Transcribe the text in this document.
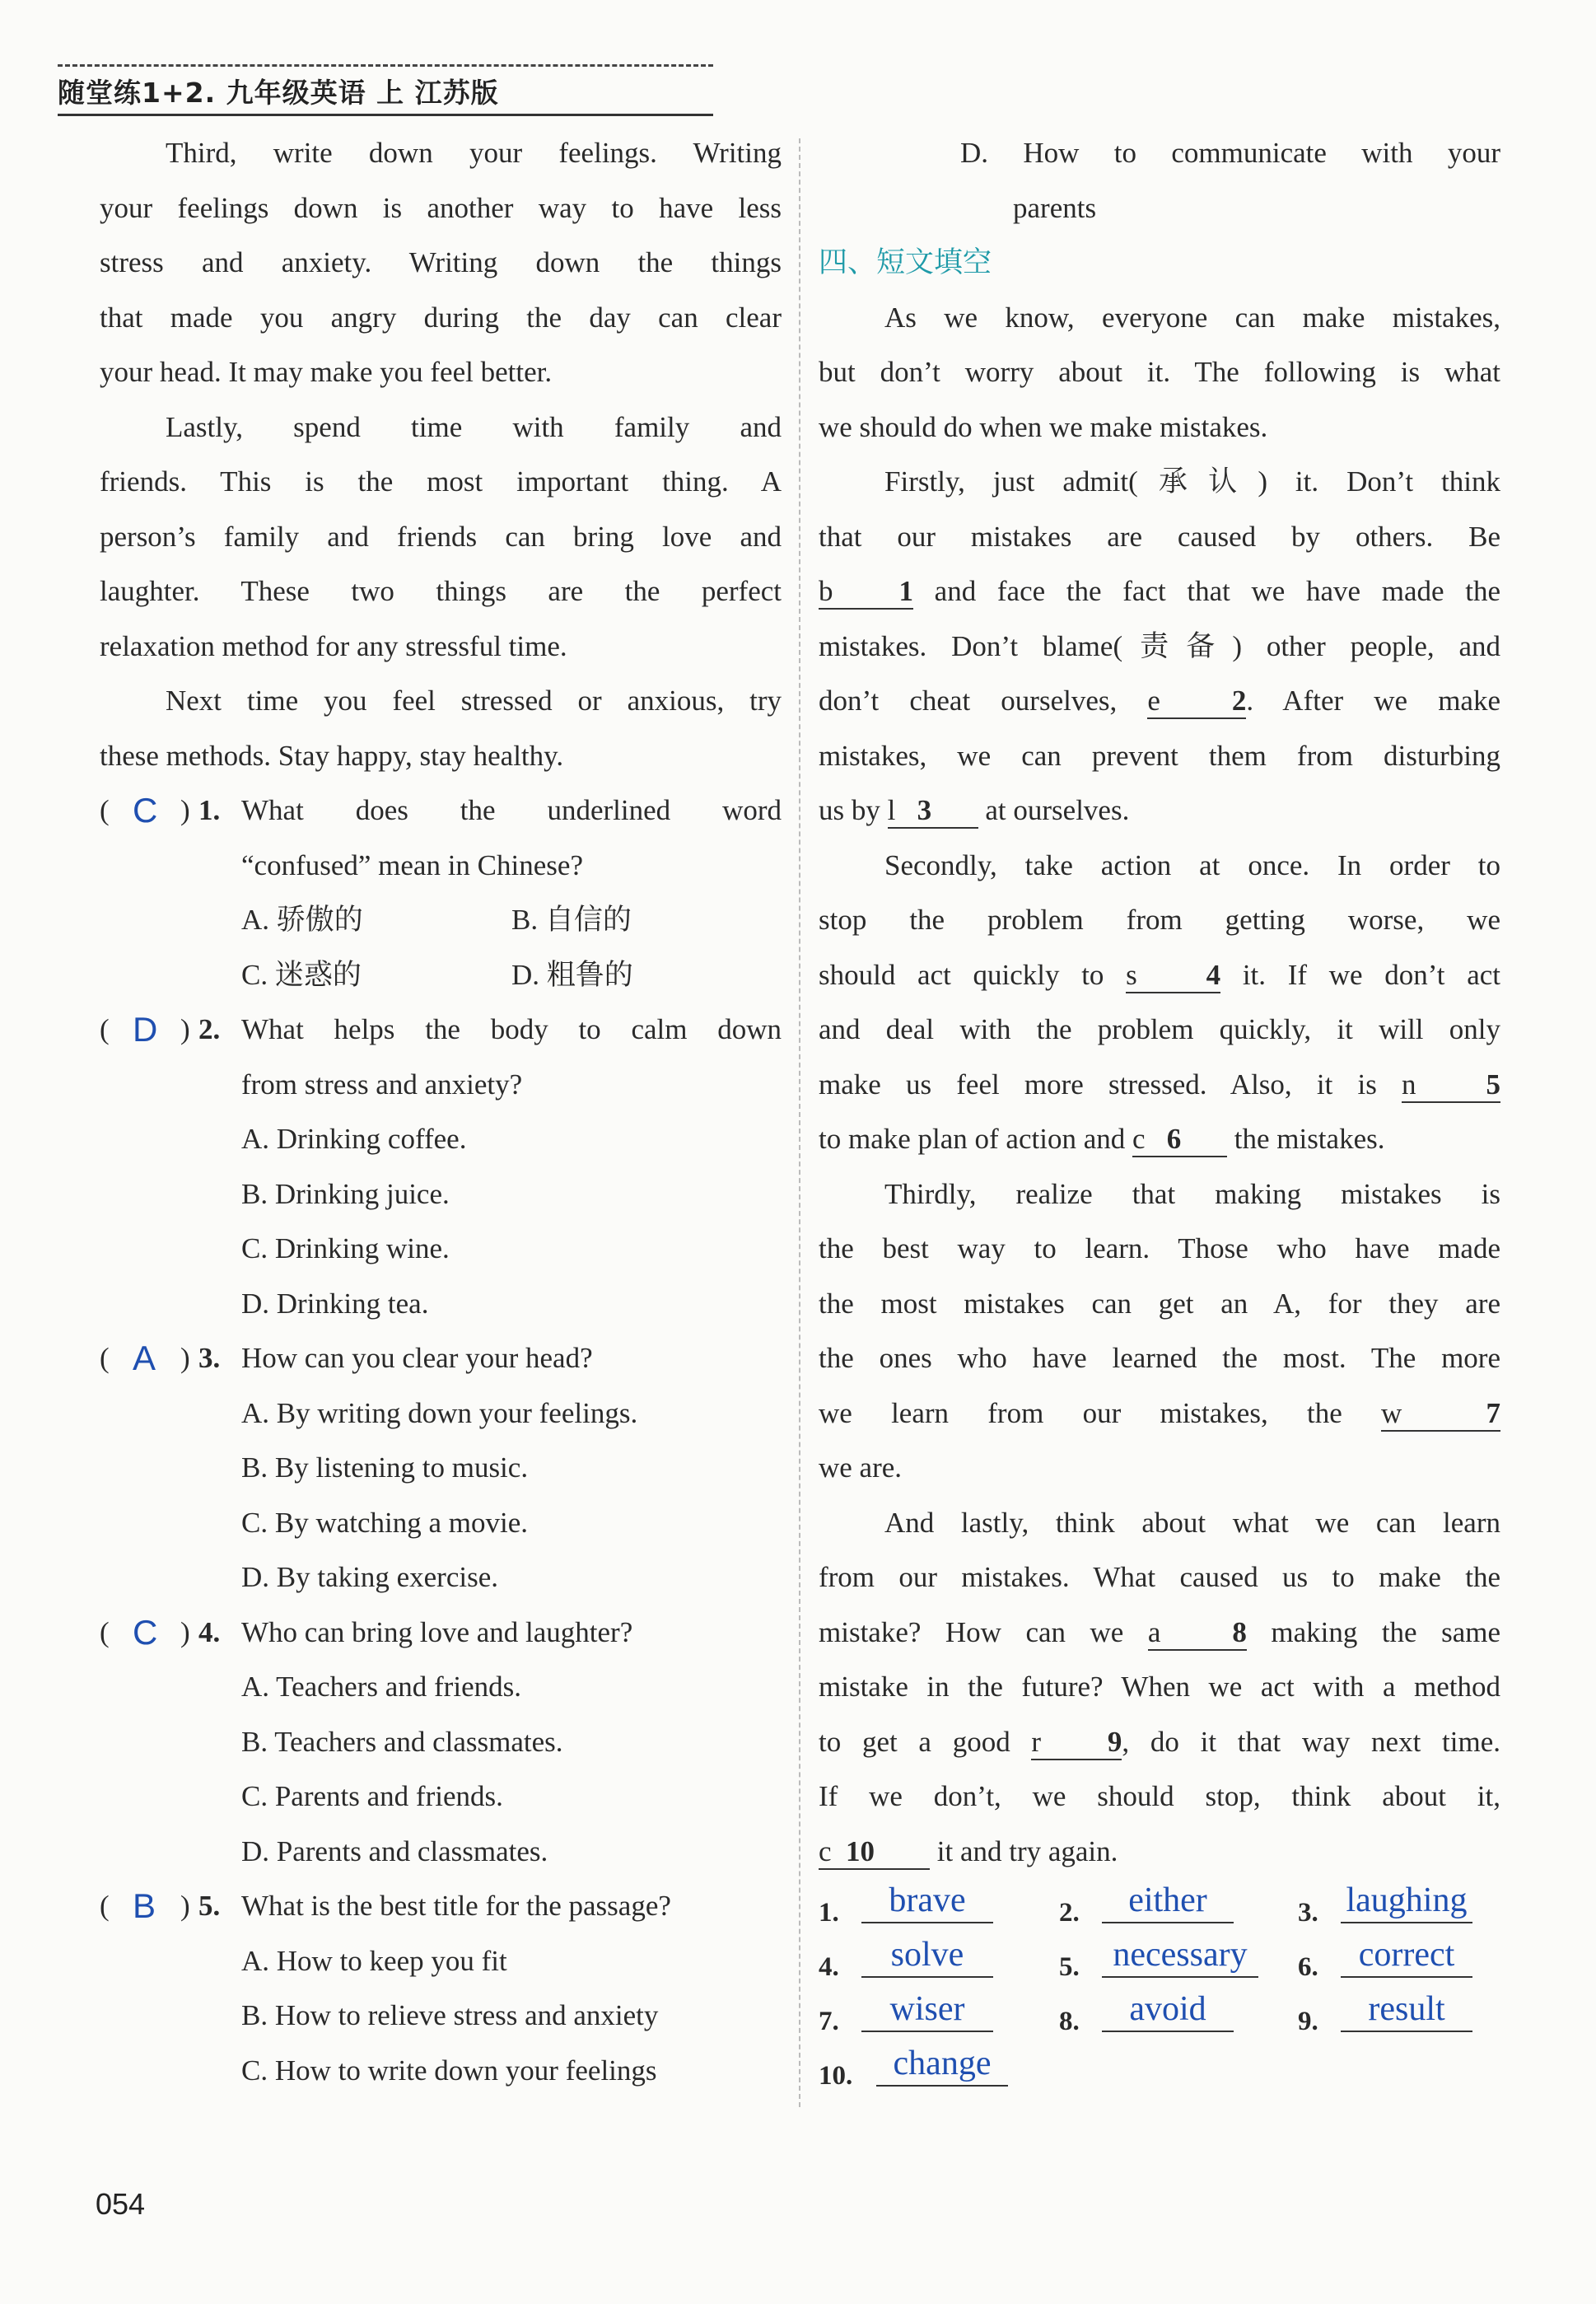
随堂练1+2. 九年级英语 上 江苏版
Third, write down your feelings. Writing
your feelings down is another way to have less
stress and anxiety. Writing down the things
that made you angry during the day can clear
your head. It may make you feel better.
Lastly, spend time with family and
friends. This is the most important thing. A
person’s family and friends can bring love and
laughter. These two things are the perfect
relaxation method for any stressful time.
Next time you feel stressed or anxious, try
these methods. Stay happy, stay healthy.
( C ) 1. What does the underlined word
“confused” mean in Chinese?
A. 骄傲的	B. 自信的
C. 迷惑的	D. 粗鲁的
( D ) 2. What helps the body to calm down
from stress and anxiety?
A. Drinking coffee.
B. Drinking juice.
C. Drinking wine.
D. Drinking tea.
( A ) 3. How can you clear your head?
A. By writing down your feelings.
B. By listening to music.
C. By watching a movie.
D. By taking exercise.
( C ) 4. Who can bring love and laughter?
A. Teachers and friends.
B. Teachers and classmates.
C. Parents and friends.
D. Parents and classmates.
( B ) 5. What is the best title for the passage?
A. How to keep you fit
B. How to relieve stress and anxiety
C. How to write down your feelings
D. How to communicate with your
parents
四、短文填空
As we know, everyone can make mistakes,
but don’t worry about it. The following is what
we should do when we make mistakes.
Firstly, just admit(承认) it. Don’t think
that our mistakes are caused by others. Be
b 1 and face the fact that we have made the
mistakes. Don’t blame(责备) other people, and
don’t cheat ourselves, e 2. After we make
mistakes, we can prevent them from disturbing
us by l 3 at ourselves.
Secondly, take action at once. In order to
stop the problem from getting worse, we
should act quickly to s 4 it. If we don’t act
and deal with the problem quickly, it will only
make us feel more stressed. Also, it is n 5
to make plan of action and c 6 the mistakes.
Thirdly, realize that making mistakes is
the best way to learn. Those who have made
the most mistakes can get an A, for they are
the ones who have learned the most. The more
we learn from our mistakes, the w	7
we are.
And lastly, think about what we can learn
from our mistakes. What caused us to make the
mistake? How can we a 8 making the same
mistake in the future? When we act with a method
to get a good r 9, do it that way next time.
If we don’t, we should stop, think about it,
c 10 it and try again.
1.	brave	2.	either	3. laughing
4.	solve	5. necessary	6.	correct
7.	wiser	8.	avoid	9.	result
10.	change
054
